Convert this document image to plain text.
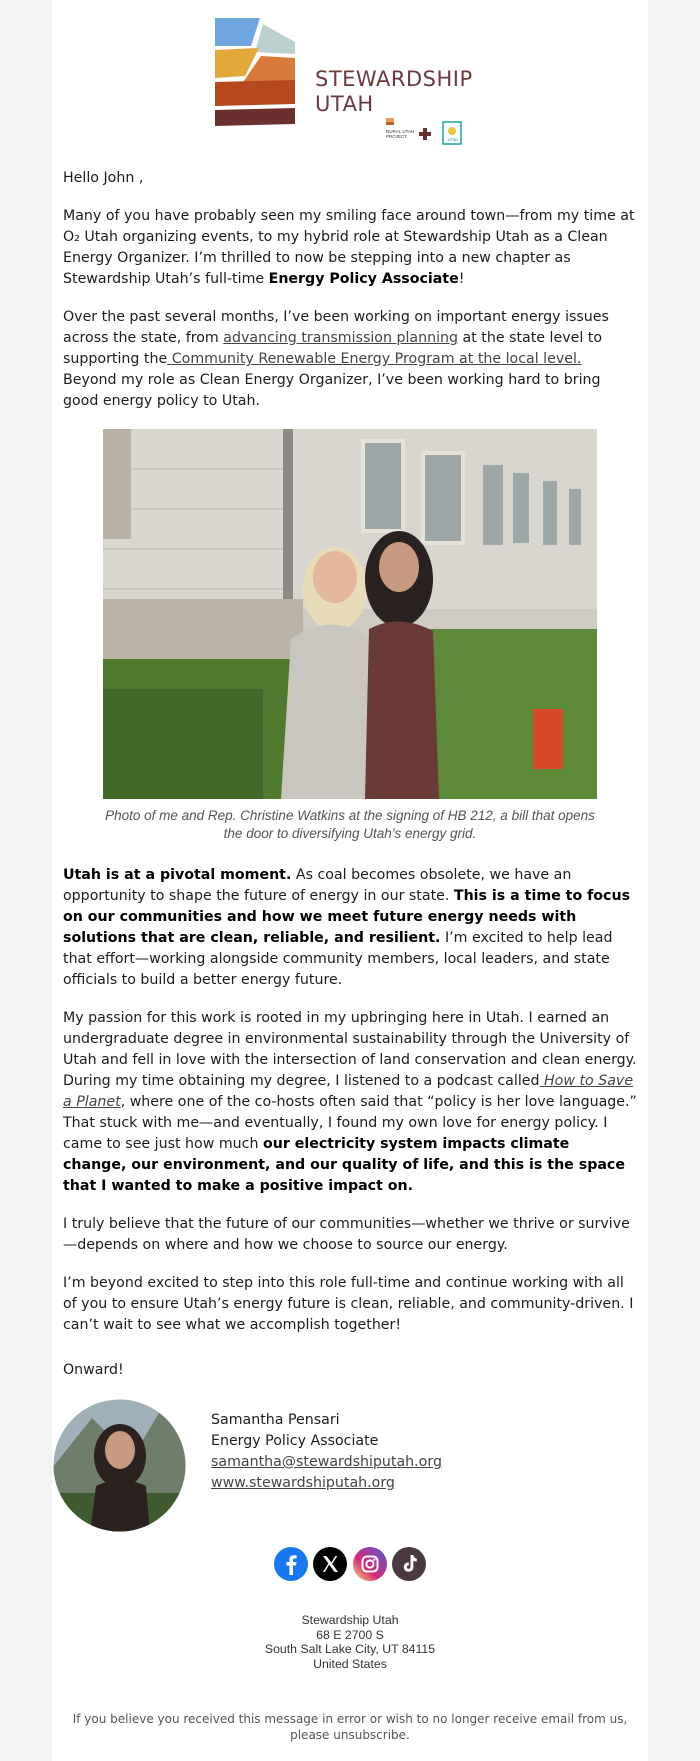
STEWARDSHIP
UTAH
RURAL UTAH PROJECT
UTAH

Hello John ,

Many of you have probably seen my smiling face around town—from my time at O₂ Utah organizing events, to my hybrid role at Stewardship Utah as a Clean Energy Organizer. I’m thrilled to now be stepping into a new chapter as Stewardship Utah’s full-time Energy Policy Associate!

Over the past several months, I’ve been working on important energy issues across the state, from advancing transmission planning at the state level to supporting the Community Renewable Energy Program at the local level. Beyond my role as Clean Energy Organizer, I’ve been working hard to bring good energy policy to Utah.

Photo of me and Rep. Christine Watkins at the signing of HB 212, a bill that opens the door to diversifying Utah’s energy grid.

Utah is at a pivotal moment. As coal becomes obsolete, we have an opportunity to shape the future of energy in our state. This is a time to focus on our communities and how we meet future energy needs with solutions that are clean, reliable, and resilient. I’m excited to help lead that effort—working alongside community members, local leaders, and state officials to build a better energy future.

My passion for this work is rooted in my upbringing here in Utah. I earned an undergraduate degree in environmental sustainability through the University of Utah and fell in love with the intersection of land conservation and clean energy. During my time obtaining my degree, I listened to a podcast called How to Save a Planet, where one of the co-hosts often said that “policy is her love language.” That stuck with me—and eventually, I found my own love for energy policy. I came to see just how much our electricity system impacts climate change, our environment, and our quality of life, and this is the space that I wanted to make a positive impact on.

I truly believe that the future of our communities—whether we thrive or survive—depends on where and how we choose to source our energy.

I’m beyond excited to step into this role full-time and continue working with all of you to ensure Utah’s energy future is clean, reliable, and community-driven. I can’t wait to see what we accomplish together!

Onward!

Samantha Pensari
Energy Policy Associate
samantha@stewardshiputah.org
www.stewardshiputah.org

Stewardship Utah
68 E 2700 S
South Salt Lake City, UT 84115
United States
If you believe you received this message in error or wish to no longer receive email from us, please unsubscribe.
